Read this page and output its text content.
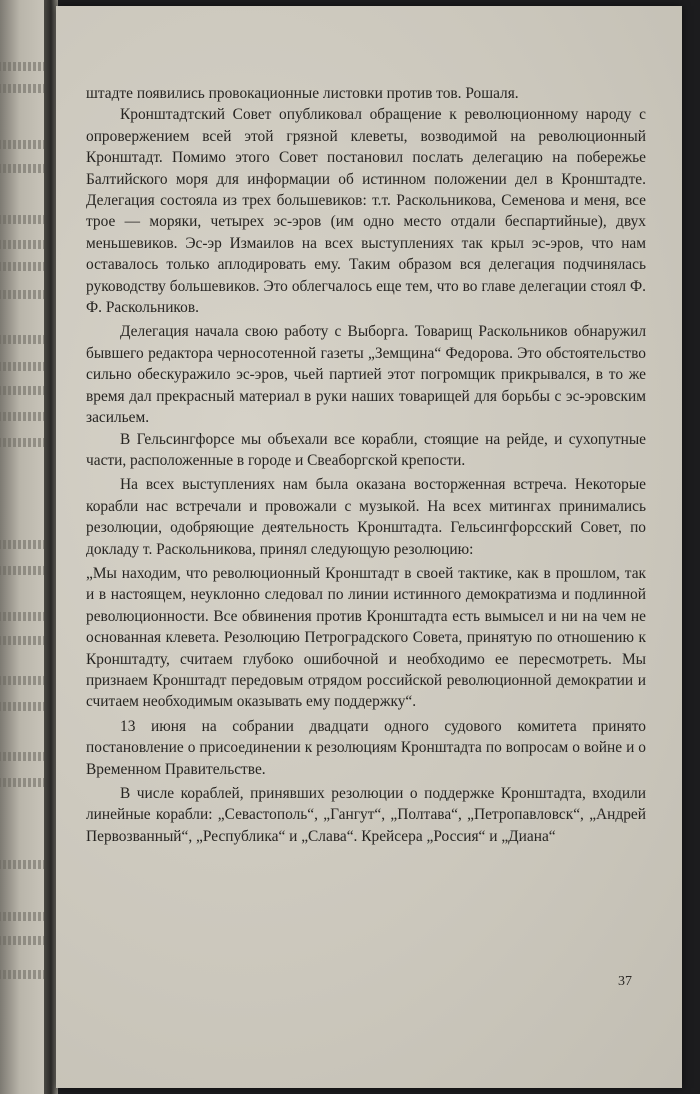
штадте появились провокационные листовки против тов. Рошаля.

Кронштадтский Совет опубликовал обращение к революционному народу с опровержением всей этой грязной клеветы, возводимой на революционный Кронштадт. Помимо этого Совет постановил послать делегацию на побережье Балтийского моря для информации об истинном положении дел в Кронштадте. Делегация состояла из трех большевиков: т.т. Раскольникова, Семенова и меня, все трое — моряки, четырех эс-эров (им одно место отдали беспартийные), двух меньшевиков. Эс-эр Измаилов на всех выступлениях так крыл эс-эров, что нам оставалось только аплодировать ему. Таким образом вся делегация подчинялась руководству большевиков. Это облегчалось еще тем, что во главе делегации стоял Ф. Ф. Раскольников.

Делегация начала свою работу с Выборга. Товарищ Раскольников обнаружил бывшего редактора черносотенной газеты „Земщина“ Федорова. Это обстоятельство сильно обескуражило эс-эров, чьей партией этот погромщик прикрывался, в то же время дал прекрасный материал в руки наших товарищей для борьбы с эс-эровским засильем.

В Гельсингфорсе мы объехали все корабли, стоящие на рейде, и сухопутные части, расположенные в городе и Свеаборгской крепости.

На всех выступлениях нам была оказана восторженная встреча. Некоторые корабли нас встречали и провожали с музыкой. На всех митингах принимались резолюции, одобряющие деятельность Кронштадта. Гельсингфорсский Совет, по докладу т. Раскольникова, принял следующую резолюцию:

„Мы находим, что революционный Кронштадт в своей тактике, как в прошлом, так и в настоящем, неуклонно следовал по линии истинного демократизма и подлинной революционности. Все обвинения против Кронштадта есть вымысел и ни на чем не основанная клевета. Резолюцию Петроградского Совета, принятую по отношению к Кронштадту, считаем глубоко ошибочной и необходимо ее пересмотреть. Мы признаем Кронштадт передовым отрядом российской революционной демократии и считаем необходимым оказывать ему поддержку“.

13 июня на собрании двадцати одного судового комитета принято постановление о присоединении к резолюциям Кронштадта по вопросам о войне и о Временном Правительстве.

В числе кораблей, принявших резолюции о поддержке Кронштадта, входили линейные корабли: „Севастополь“, „Гангут“, „Полтава“, „Петропавловск“, „Андрей Первозванный“, „Республика“ и „Слава“. Крейсера „Россия“ и „Диана“

37
